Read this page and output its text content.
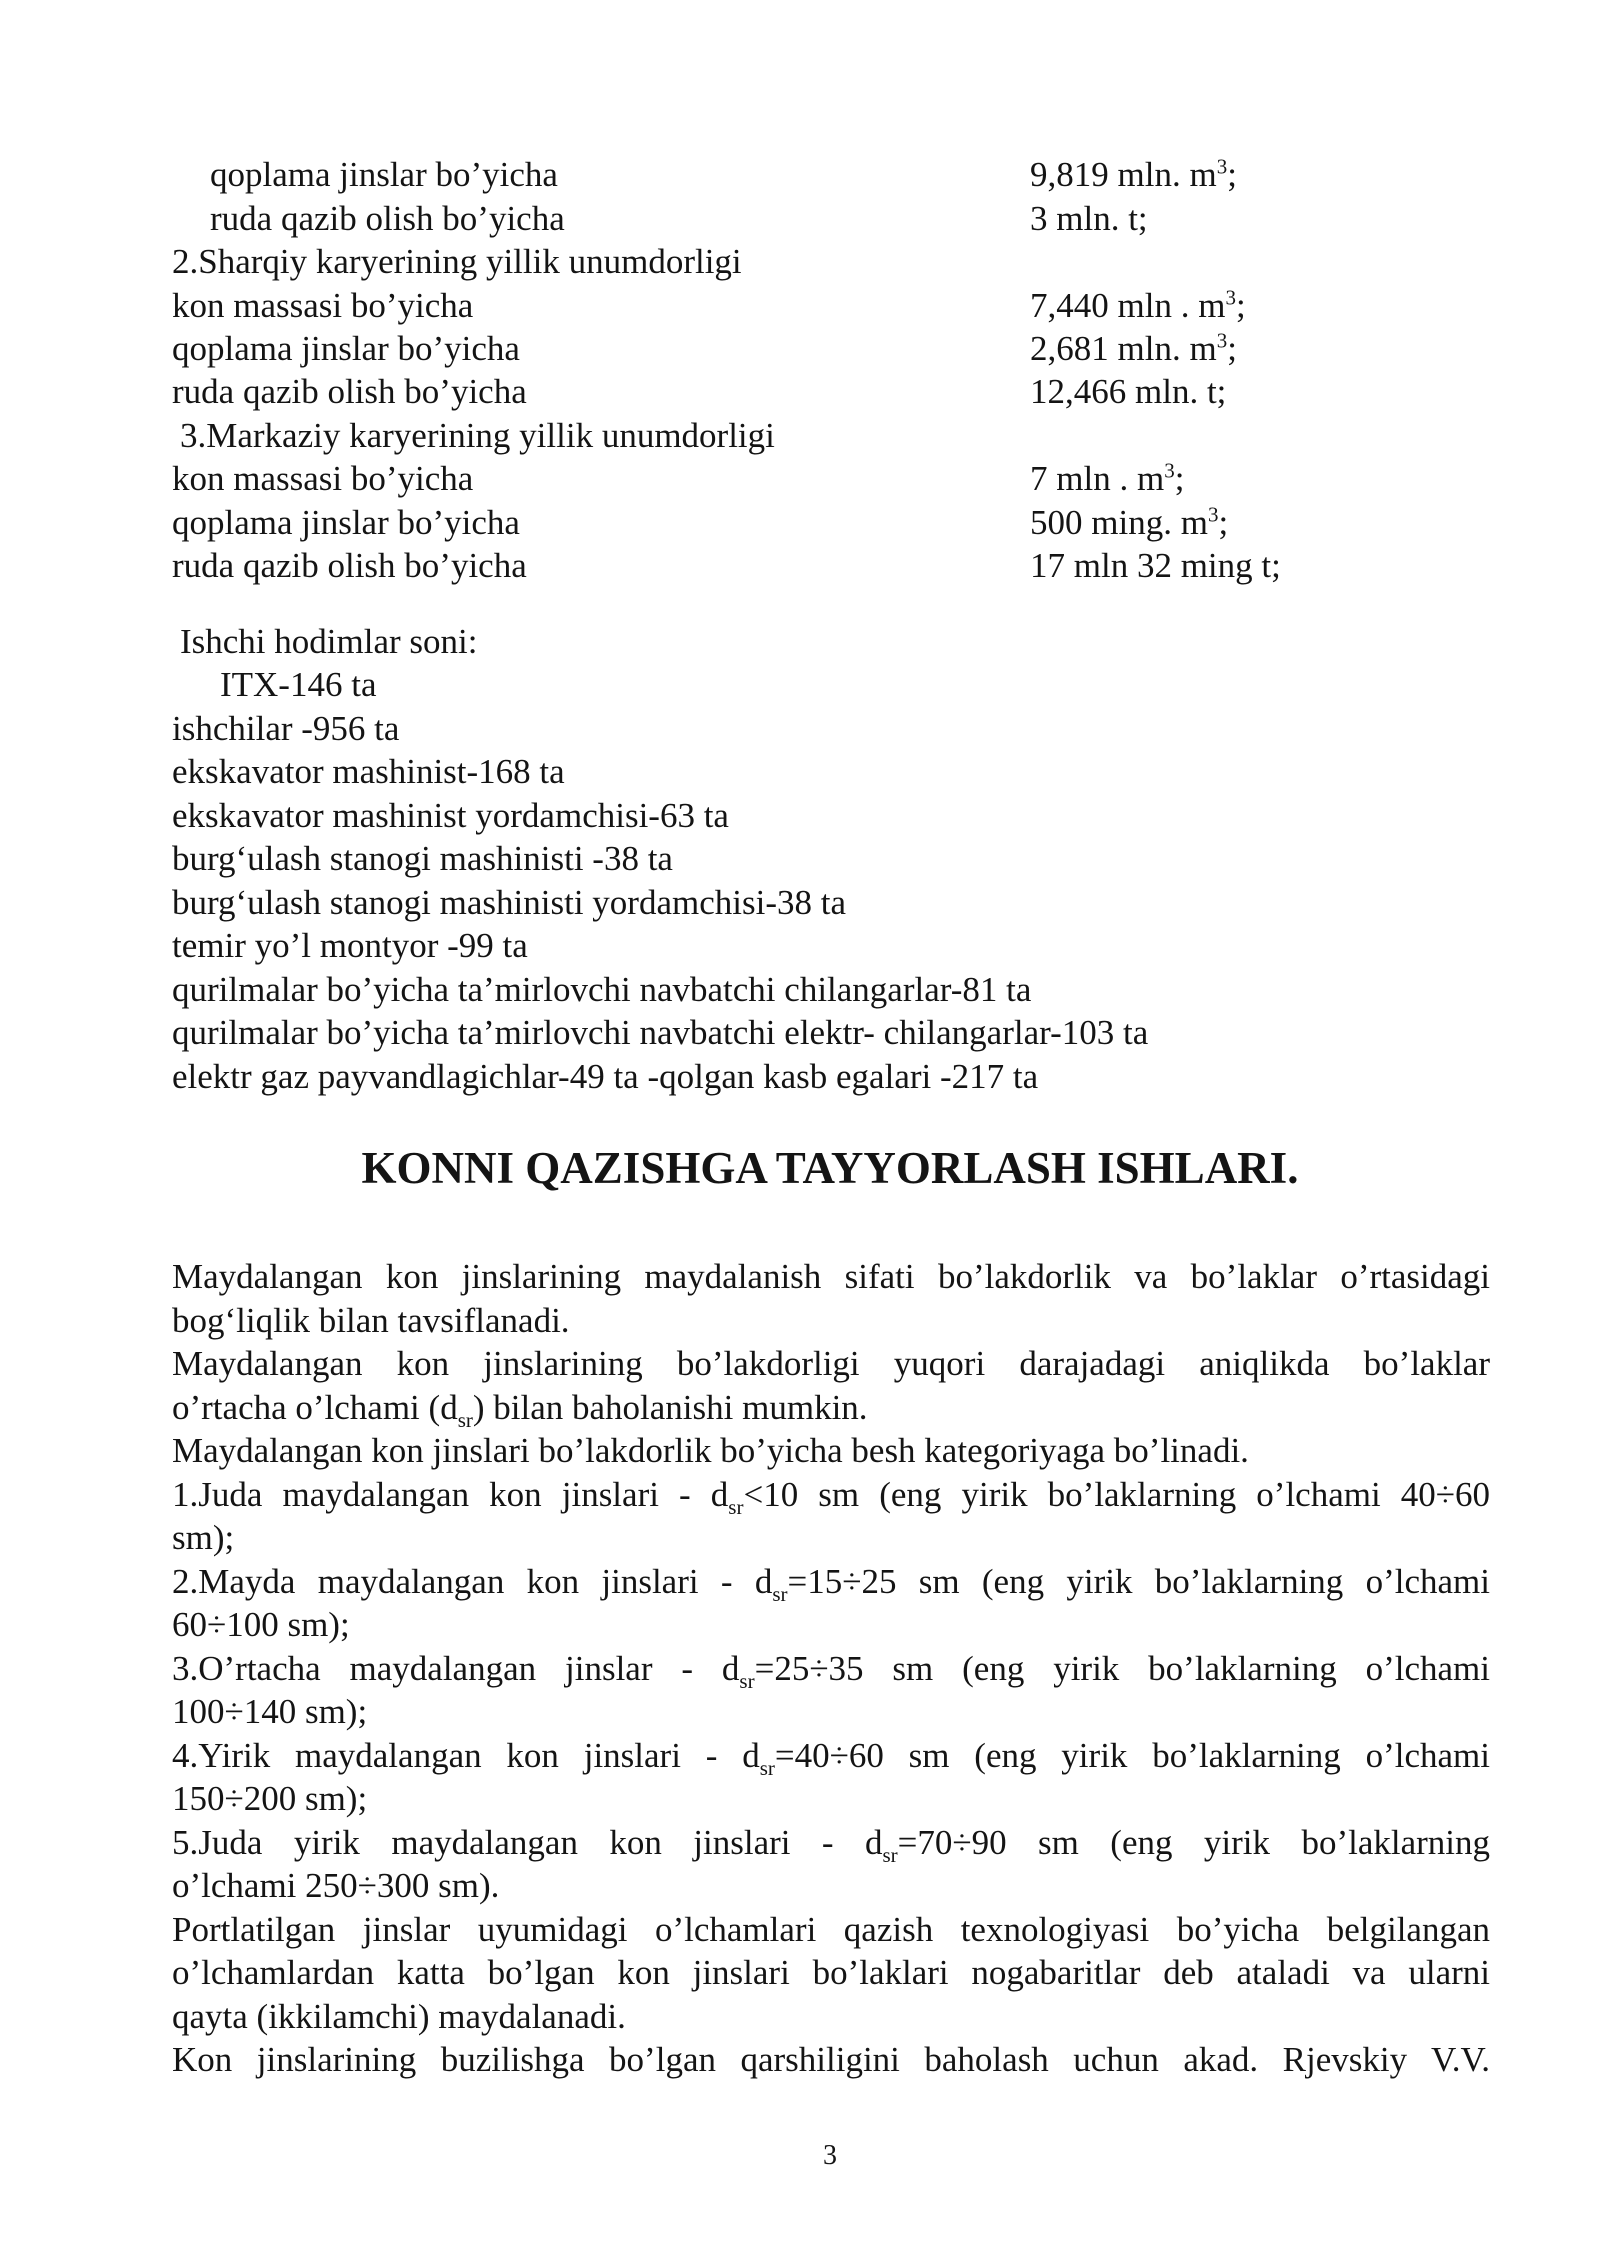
qoplama jinslar bo’yicha	9,819 mln. $m^3$;
ruda qazib olish bo’yicha	3 mln. t;
2.Sharqiy karyerining yillik unumdorligi
kon massasi bo’yicha	7,440 mln . $m^3$;
qoplama jinslar bo’yicha	2,681 mln. $m^3$;
ruda qazib olish bo’yicha	12,466 mln. t;
3.Markaziy karyerining yillik unumdorligi
kon massasi bo’yicha	7 mln . $m^3$;
qoplama jinslar bo’yicha	500 ming. $m^3$;
ruda qazib olish bo’yicha	17 mln 32 ming t;
Ishchi hodimlar soni:
ITX-146 ta
ishchilar -956 ta
ekskavator mashinist-168 ta
ekskavator mashinist yordamchisi-63 ta
burg‘ulash stanogi mashinisti -38 ta
burg‘ulash stanogi mashinisti yordamchisi-38 ta
temir yo’l montyor -99 ta
qurilmalar bo’yicha ta’mirlovchi navbatchi chilangarlar-81 ta
qurilmalar bo’yicha ta’mirlovchi navbatchi elektr- chilangarlar-103 ta
elektr gaz payvandlagichlar-49 ta -qolgan kasb egalari -217 ta
KONNI QAZISHGA TAYYORLASH ISHLARI.
Maydalangan kon jinslarining maydalanish sifati bo’lakdorlik va bo’laklar o’rtasidagi
bog‘liqlik bilan tavsiflanadi.
Maydalangan kon jinslarining bo’lakdorligi yuqori darajadagi aniqlikda bo’laklar
o’rtacha o’lchami $(d_{sr})$ bilan baholanishi mumkin.
Maydalangan kon jinslari bo’lakdorlik bo’yicha besh kategoriyaga bo’linadi.
1.Juda maydalangan kon jinslari - $d_{sr}<10$ sm (eng yirik bo’laklarning o’lchami 40÷60
sm);
2.Mayda maydalangan kon jinslari - $d_{sr}=15\div 25$ sm (eng yirik bo’laklarning o’lchami
60÷100 sm);
3.O’rtacha maydalangan jinslar - $d_{sr}=25\div 35$ sm (eng yirik bo’laklarning o’lchami
100÷140 sm);
4.Yirik maydalangan kon jinslari - $d_{sr}=40\div 60$ sm (eng yirik bo’laklarning o’lchami
150÷200 sm);
5.Juda yirik maydalangan kon jinslari - $d_{sr}=70\div 90$ sm (eng yirik bo’laklarning
o’lchami 250÷300 sm).
Portlatilgan jinslar uyumidagi o’lchamlari qazish texnologiyasi bo’yicha belgilangan
o’lchamlardan katta bo’lgan kon jinslari bo’laklari nogabaritlar deb ataladi va ularni
qayta (ikkilamchi) maydalanadi.
Kon jinslarining buzilishga bo’lgan qarshiligini baholash uchun akad. Rjevskiy V.V.
3
